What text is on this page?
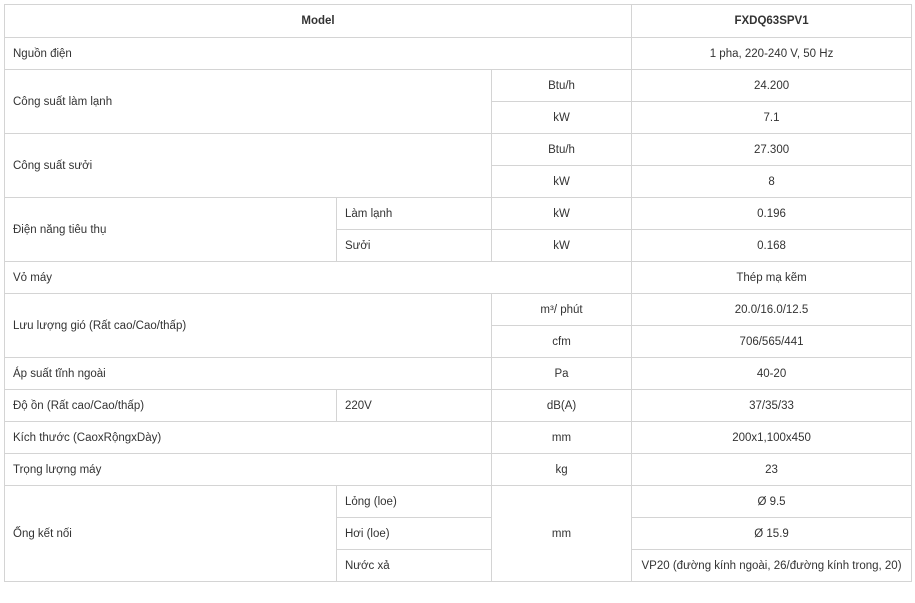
Model			FXDQ63SPV1
Nguồn điện			1 pha, 220-240 V, 50 Hz
Công suất làm lạnh		Btu/h	24.200
		kW	7.1
Công suất sưởi		Btu/h	27.300
		kW	8
Điện năng tiêu thụ	Làm lạnh	kW	0.196
	Sưởi	kW	0.168
Vỏ máy			Thép mạ kẽm
Lưu lượng gió (Rất cao/Cao/thấp)		m³/ phút	20.0/16.0/12.5
		cfm	706/565/441
Áp suất tĩnh ngoài		Pa	40-20
Độ ồn (Rất cao/Cao/thấp)	220V	dB(A)	37/35/33
Kích thước (CaoxRộngxDày)		mm	200x1,100x450
Trọng lượng máy		kg	23
Ống kết nối	Lỏng (loe)	mm	Ø 9.5
	Hơi (loe)		Ø 15.9
	Nước xả		VP20 (đường kính ngoài, 26/đường kính trong, 20)
